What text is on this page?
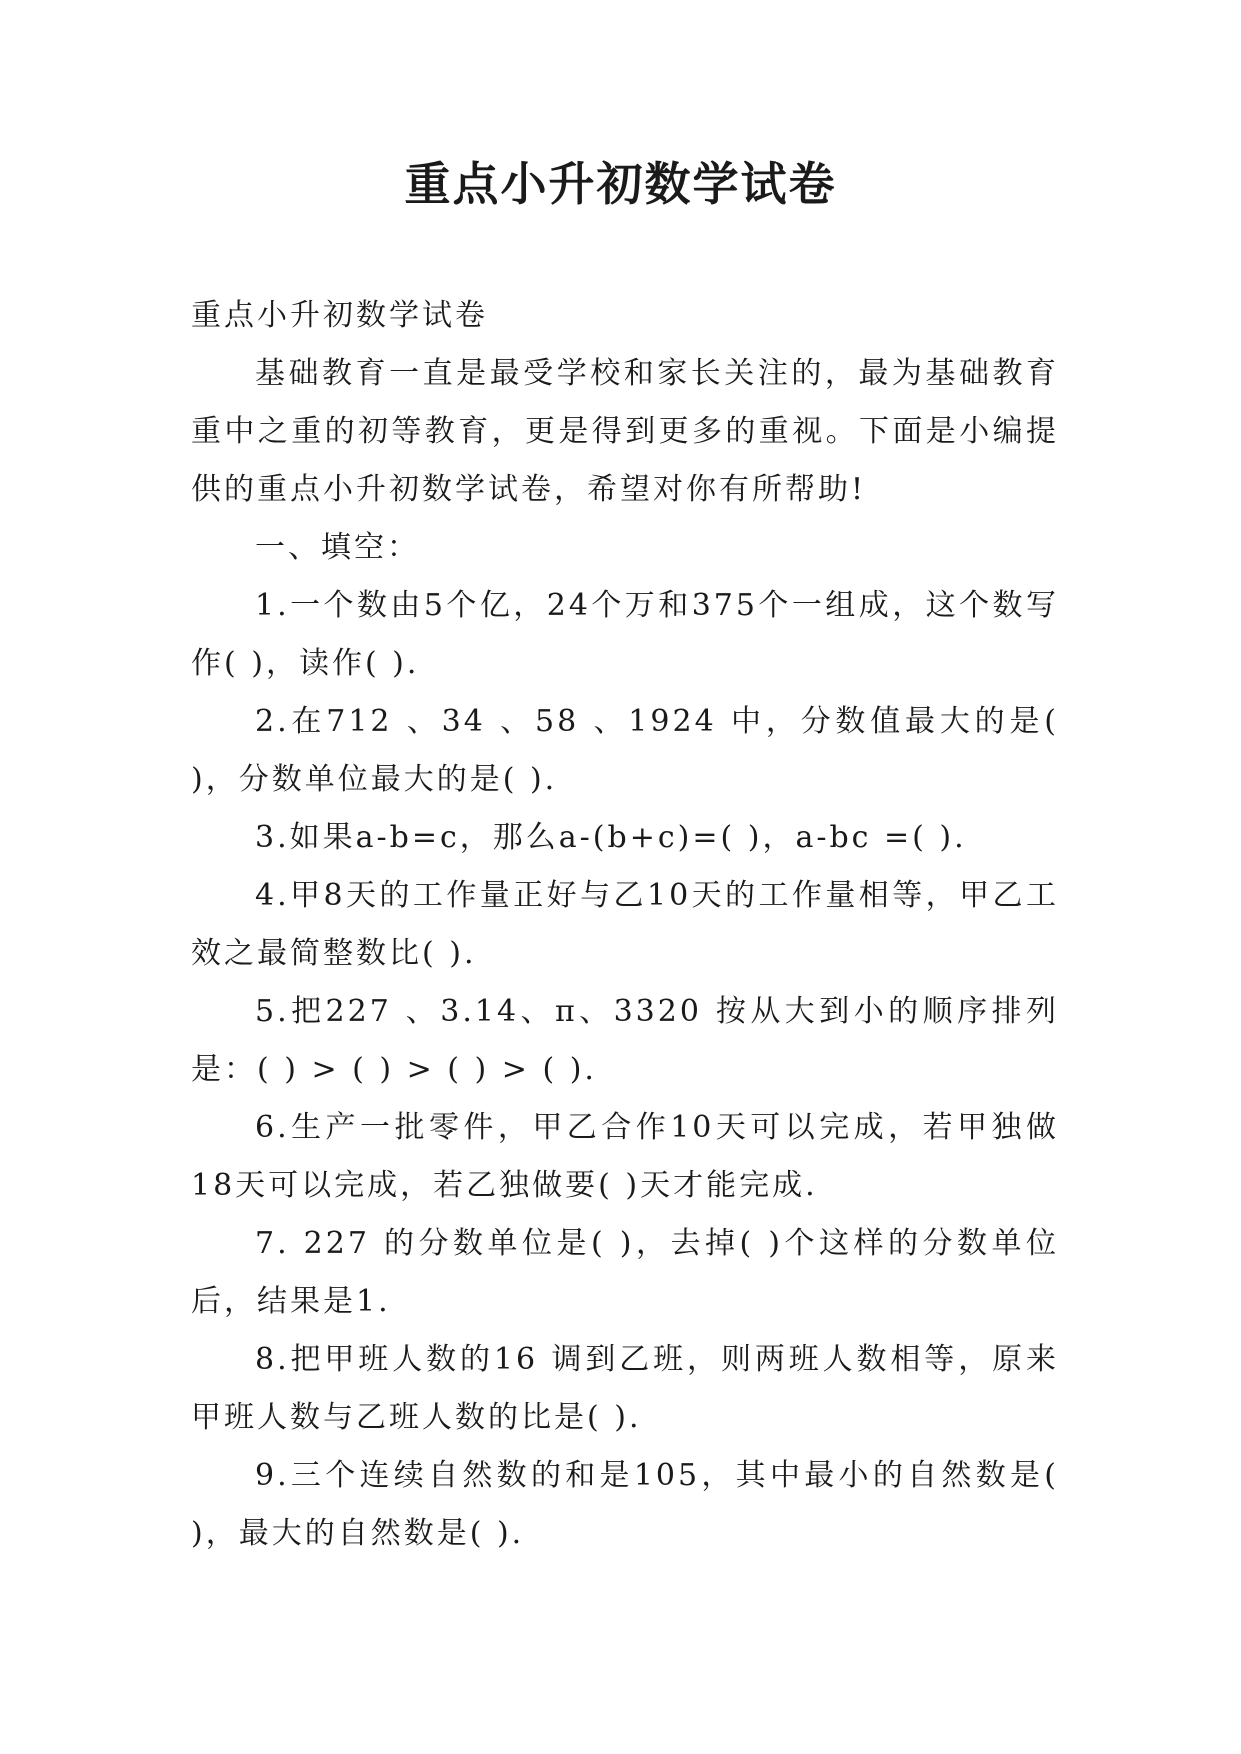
重点小升初数学试卷

重点小升初数学试卷

基础教育一直是最受学校和家长关注的，最为基础教育重中之重的初等教育，更是得到更多的重视。下面是小编提供的重点小升初数学试卷，希望对你有所帮助!

一、填空：

1.一个数由5个亿，24个万和375个一组成，这个数写作( )，读作( ).

2.在712 、34 、58 、1924 中，分数值最大的是( )，分数单位最大的是( ).

3.如果a-b=c，那么a-(b+c)=( )，a-bc =( ).

4.甲8天的工作量正好与乙10天的工作量相等，甲乙工效之最简整数比( ).

5.把227 、3.14、π、3320 按从大到小的顺序排列是：( ) > ( ) > ( ) > ( ).

6.生产一批零件，甲乙合作10天可以完成，若甲独做18天可以完成，若乙独做要( )天才能完成.

7. 227 的分数单位是( )，去掉( )个这样的分数单位后，结果是1.

8.把甲班人数的16 调到乙班，则两班人数相等，原来甲班人数与乙班人数的比是( ).

9.三个连续自然数的和是105，其中最小的自然数是( )，最大的自然数是( ).
